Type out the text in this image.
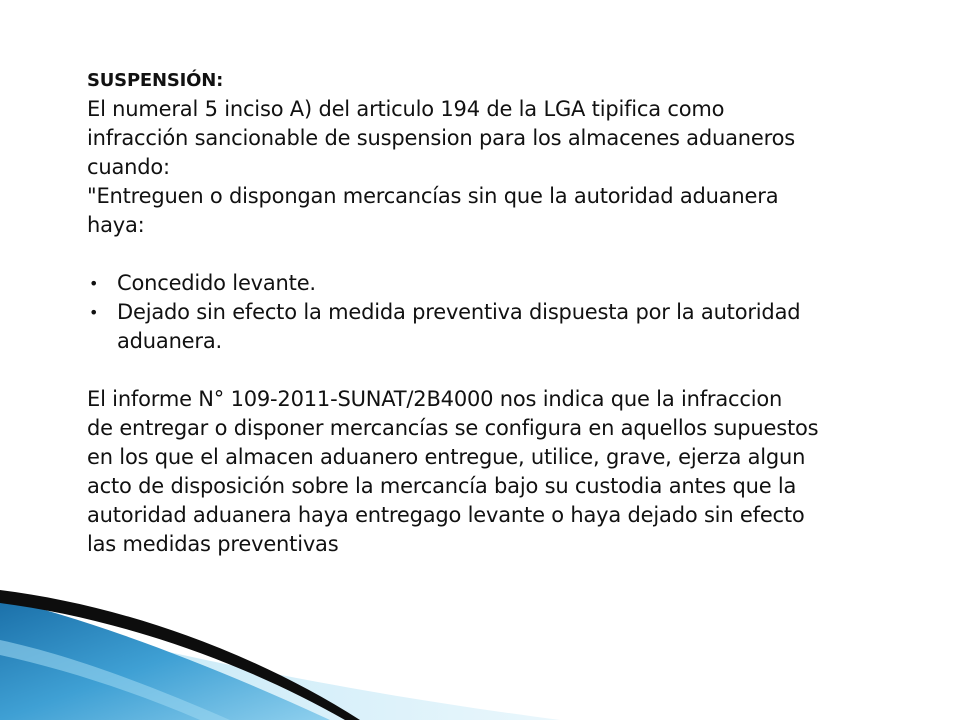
SUSPENSIÓN:

El numeral 5 inciso A) del articulo 194 de la LGA tipifica como

infracción sancionable de suspension para los almacenes aduaneros

cuando:

"Entreguen o dispongan mercancías sin que la autoridad aduanera

haya:

• Concedido levante.

• Dejado sin efecto la medida preventiva dispuesta por la autoridad

aduanera.

El informe N° 109-2011-SUNAT/2B4000 nos indica que la infraccion

de entregar o disponer mercancías se configura en aquellos supuestos

en los que el almacen aduanero entregue, utilice, grave, ejerza algun

acto de disposición sobre la mercancía bajo su custodia antes que la

autoridad aduanera haya entregago levante o haya dejado sin efecto

las medidas preventivas
